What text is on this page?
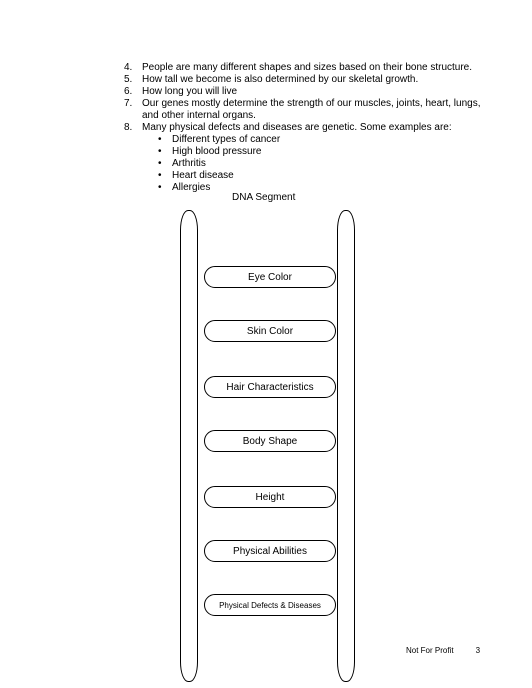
4. People are many different shapes and sizes based on their bone structure.
5. How tall we become is also determined by our skeletal growth.
6. How long you will live
7. Our genes mostly determine the strength of our muscles, joints, heart, lungs,
and other internal organs.
8. Many physical defects and diseases are genetic. Some examples are:
•	Different types of cancer
•	High blood pressure
•	Arthritis
•	Heart disease
•	Allergies
DNA Segment
Eye Color
Skin Color
Hair Characteristics
Body Shape
Height
Physical Abilities
Physical Defects & Diseases
Not For Profit	3
